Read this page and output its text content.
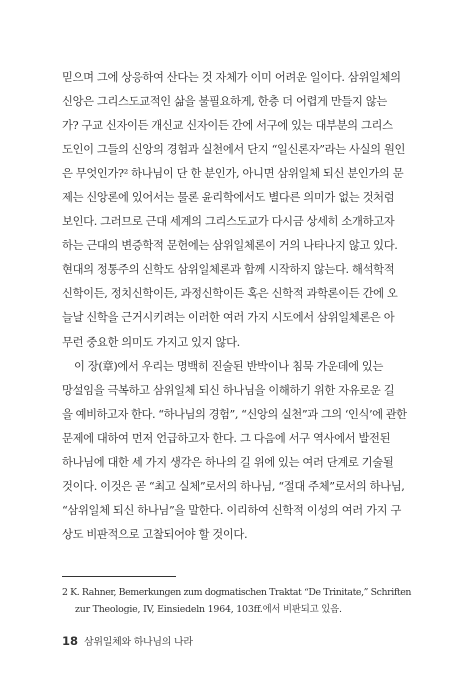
믿으며 그에 상응하여 산다는 것 자체가 이미 어려운 일이다. 삼위일체의
신앙은 그리스도교적인 삶을 불필요하게, 한층 더 어렵게 만들지 않는
가? 구교 신자이든 개신교 신자이든 간에 서구에 있는 대부분의 그리스
도인이 그들의 신앙의 경험과 실천에서 단지 “일신론자”라는 사실의 원인
은 무엇인가?² 하나님이 단 한 분인가, 아니면 삼위일체 되신 분인가의 문
제는 신앙론에 있어서는 물론 윤리학에서도 별다른 의미가 없는 것처럼
보인다. 그러므로 근대 세계의 그리스도교가 다시금 상세히 소개하고자
하는 근대의 변증학적 문헌에는 삼위일체론이 거의 나타나지 않고 있다.
현대의 정통주의 신학도 삼위일체론과 함께 시작하지 않는다. 해석학적
신학이든, 정치신학이든, 과정신학이든 혹은 신학적 과학론이든 간에 오
늘날 신학을 근거시키려는 이러한 여러 가지 시도에서 삼위일체론은 아
무런 중요한 의미도 가지고 있지 않다.
이 장(章)에서 우리는 명백히 진술된 반박이나 침묵 가운데에 있는
망설임을 극복하고 삼위일체 되신 하나님을 이해하기 위한 자유로운 길
을 예비하고자 한다. “하나님의 경험”, “신앙의 실천”과 그의 ‘인식’에 관한
문제에 대하여 먼저 언급하고자 한다. 그 다음에 서구 역사에서 발전된
하나님에 대한 세 가지 생각은 하나의 길 위에 있는 여러 단계로 기술될
것이다. 이것은 곧 “최고 실체”로서의 하나님, “절대 주체”로서의 하나님,
“삼위일체 되신 하나님”을 말한다. 이리하여 신학적 이성의 여러 가지 구
상도 비판적으로 고찰되어야 할 것이다.
2 K. Rahner, Bemerkungen zum dogmatischen Traktat “De Trinitate,” Schriften
zur Theologie, IV, Einsiedeln 1964, 103ff.에서 비판되고 있음.
18 삼위일체와 하나님의 나라
